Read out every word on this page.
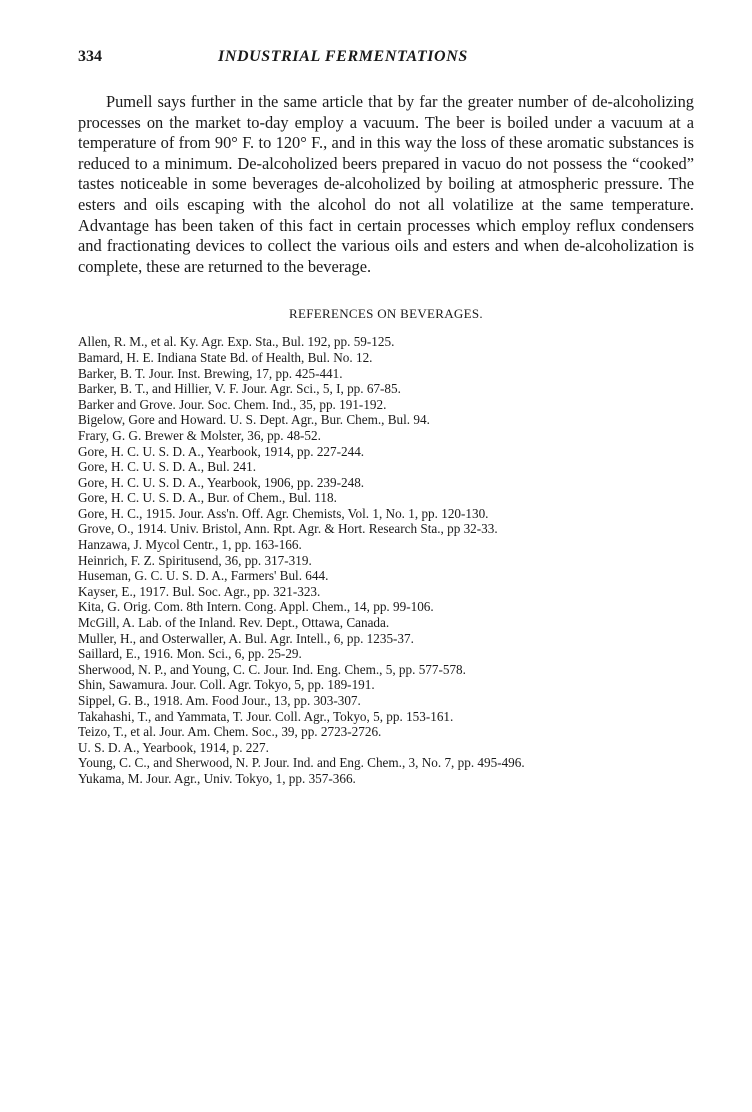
334	INDUSTRIAL FERMENTATIONS

Pumell says further in the same article that by far the greater number of de-alcoholizing processes on the market to-day employ a vacuum. The beer is boiled under a vacuum at a temperature of from 90° F. to 120° F., and in this way the loss of these aromatic substances is reduced to a minimum. De-alcoholized beers prepared in vacuo do not possess the “cooked” tastes noticeable in some beverages de-alcoholized by boiling at atmospheric pressure. The esters and oils escaping with the alcohol do not all volatilize at the same temperature. Advantage has been taken of this fact in certain processes which employ reflux condensers and fractionating devices to collect the various oils and esters and when de-alcoholization is complete, these are returned to the beverage.

REFERENCES ON BEVERAGES.
Allen, R. M., et al. Ky. Agr. Exp. Sta., Bul. 192, pp. 59-125.
Bamard, H. E. Indiana State Bd. of Health, Bul. No. 12.
Barker, B. T. Jour. Inst. Brewing, 17, pp. 425-441.
Barker, B. T., and Hillier, V. F. Jour. Agr. Sci., 5, I, pp. 67-85.
Barker and Grove. Jour. Soc. Chem. Ind., 35, pp. 191-192.
Bigelow, Gore and Howard. U. S. Dept. Agr., Bur. Chem., Bul. 94.
Frary, G. G. Brewer & Molster, 36, pp. 48-52.
Gore, H. C. U. S. D. A., Yearbook, 1914, pp. 227-244.
Gore, H. C. U. S. D. A., Bul. 241.
Gore, H. C. U. S. D. A., Yearbook, 1906, pp. 239-248.
Gore, H. C. U. S. D. A., Bur. of Chem., Bul. 118.
Gore, H. C., 1915. Jour. Ass'n. Off. Agr. Chemists, Vol. 1, No. 1, pp. 120-130.
Grove, O., 1914. Univ. Bristol, Ann. Rpt. Agr. & Hort. Research Sta., pp 32-33.
Hanzawa, J. Mycol Centr., 1, pp. 163-166.
Heinrich, F. Z. Spiritusend, 36, pp. 317-319.
Huseman, G. C. U. S. D. A., Farmers' Bul. 644.
Kayser, E., 1917. Bul. Soc. Agr., pp. 321-323.
Kita, G. Orig. Com. 8th Intern. Cong. Appl. Chem., 14, pp. 99-106.
McGill, A. Lab. of the Inland. Rev. Dept., Ottawa, Canada.
Muller, H., and Osterwaller, A. Bul. Agr. Intell., 6, pp. 1235-37.
Saillard, E., 1916. Mon. Sci., 6, pp. 25-29.
Sherwood, N. P., and Young, C. C. Jour. Ind. Eng. Chem., 5, pp. 577-578.
Shin, Sawamura. Jour. Coll. Agr. Tokyo, 5, pp. 189-191.
Sippel, G. B., 1918. Am. Food Jour., 13, pp. 303-307.
Takahashi, T., and Yammata, T. Jour. Coll. Agr., Tokyo, 5, pp. 153-161.
Teizo, T., et al. Jour. Am. Chem. Soc., 39, pp. 2723-2726.
U. S. D. A., Yearbook, 1914, p. 227.
Young, C. C., and Sherwood, N. P. Jour. Ind. and Eng. Chem., 3, No. 7, pp. 495-496.
Yukama, M. Jour. Agr., Univ. Tokyo, 1, pp. 357-366.
